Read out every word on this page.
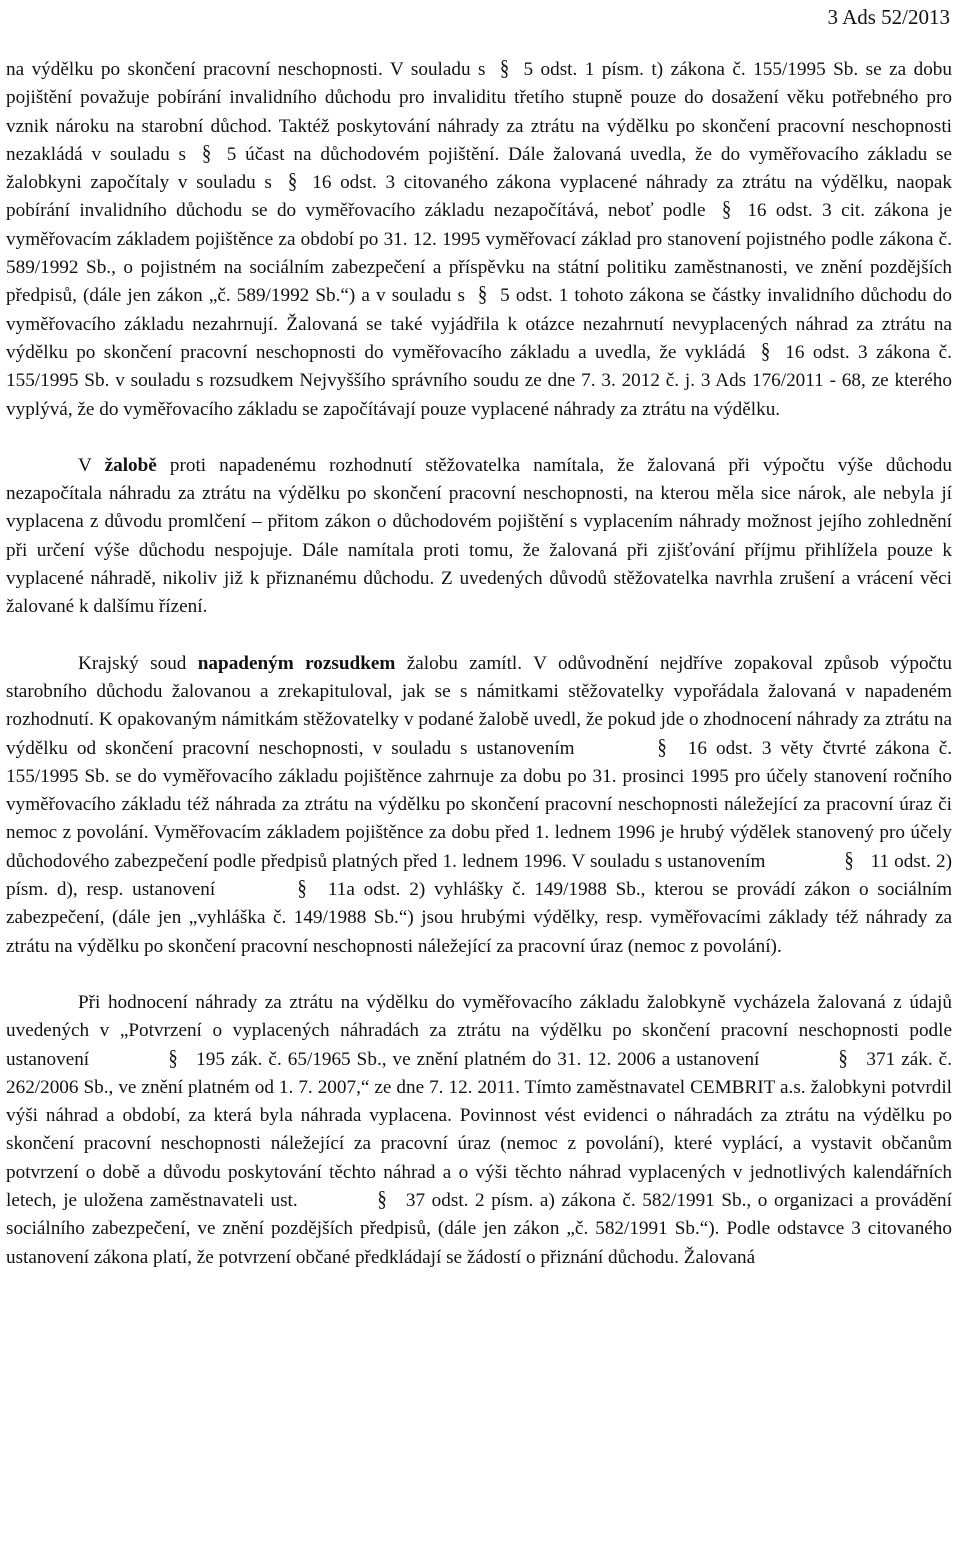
3 Ads 52/2013

na výdělku po skončení pracovní neschopnosti. V souladu s § 5 odst. 1 písm. t) zákona č. 155/1995 Sb. se za dobu pojištění považuje pobírání invalidního důchodu pro invaliditu třetího stupně pouze do dosažení věku potřebného pro vznik nároku na starobní důchod. Taktéž poskytování náhrady za ztrátu na výdělku po skončení pracovní neschopnosti nezakládá v souladu s § 5 účast na důchodovém pojištění. Dále žalovaná uvedla, že do vyměřovacího základu se žalobkyni započítaly v souladu s § 16 odst. 3 citovaného zákona vyplacené náhrady za ztrátu na výdělku, naopak pobírání invalidního důchodu se do vyměřovacího základu nezapočítává, neboť podle § 16 odst. 3 cit. zákona je vyměřovacím základem pojištěnce za období po 31. 12. 1995 vyměřovací základ pro stanovení pojistného podle zákona č. 589/1992 Sb., o pojistném na sociálním zabezpečení a příspěvku na státní politiku zaměstnanosti, ve znění pozdějších předpisů, (dále jen zákon „č. 589/1992 Sb.“) a v souladu s § 5 odst. 1 tohoto zákona se částky invalidního důchodu do vyměřovacího základu nezahrnují. Žalovaná se také vyjádřila k otázce nezahrnutí nevyplacených náhrad za ztrátu na výdělku po skončení pracovní neschopnosti do vyměřovacího základu a uvedla, že vykládá § 16 odst. 3 zákona č. 155/1995 Sb. v souladu s rozsudkem Nejvyššího správního soudu ze dne 7. 3. 2012 č. j. 3 Ads 176/2011 - 68, ze kterého vyplývá, že do vyměřovacího základu se započítávají pouze vyplacené náhrady za ztrátu na výdělku.

V žalobě proti napadenému rozhodnutí stěžovatelka namítala, že žalovaná při výpočtu výše důchodu nezapočítala náhradu za ztrátu na výdělku po skončení pracovní neschopnosti, na kterou měla sice nárok, ale nebyla jí vyplacena z důvodu promlčení – přitom zákon o důchodovém pojištění s vyplacením náhrady možnost jejího zohlednění při určení výše důchodu nespojuje. Dále namítala proti tomu, že žalovaná při zjišťování příjmu přihlížela pouze k vyplacené náhradě, nikoliv již k přiznanému důchodu. Z uvedených důvodů stěžovatelka navrhla zrušení a vrácení věci žalované k dalšímu řízení.

Krajský soud napadeným rozsudkem žalobu zamítl. V odůvodnění nejdříve zopakoval způsob výpočtu starobního důchodu žalovanou a zrekapituloval, jak se s námitkami stěžovatelky vypořádala žalovaná v napadeném rozhodnutí. K opakovaným námitkám stěžovatelky v podané žalobě uvedl, že pokud jde o zhodnocení náhrady za ztrátu na výdělku od skončení pracovní neschopnosti, v souladu s ustanovením	§ 16 odst. 3 věty čtvrté zákona č. 155/1995 Sb. se do vyměřovacího základu pojištěnce zahrnuje za dobu po 31. prosinci 1995 pro účely stanovení ročního vyměřovacího základu též náhrada za ztrátu na výdělku po skončení pracovní neschopnosti náležející za pracovní úraz či nemoc z povolání. Vyměřovacím základem pojištěnce za dobu před 1. lednem 1996 je hrubý výdělek stanovený pro účely důchodového zabezpečení podle předpisů platných před 1. lednem 1996. V souladu s ustanovením	§ 11 odst. 2) písm. d), resp. ustanovení	§ 11a odst. 2) vyhlášky č. 149/1988 Sb., kterou se provádí zákon o sociálním zabezpečení, (dále jen „vyhláška č. 149/1988 Sb.“) jsou hrubými výdělky, resp. vyměřovacími základy též náhrady za ztrátu na výdělku po skončení pracovní neschopnosti náležející za pracovní úraz (nemoc z povolání).

Při hodnocení náhrady za ztrátu na výdělku do vyměřovacího základu žalobkyně vycházela žalovaná z údajů uvedených v „Potvrzení o vyplacených náhradách za ztrátu na výdělku po skončení pracovní neschopnosti podle ustanovení	§ 195 zák. č. 65/1965 Sb., ve znění platném do 31. 12. 2006 a ustanovení	§ 371 zák. č. 262/2006 Sb., ve znění platném od 1. 7. 2007,“ ze dne 7. 12. 2011. Tímto zaměstnavatel CEMBRIT a.s. žalobkyni potvrdil výši náhrad a období, za která byla náhrada vyplacena. Povinnost vést evidenci o náhradách za ztrátu na výdělku po skončení pracovní neschopnosti náležející za pracovní úraz (nemoc z povolání), které vyplácí, a vystavit občanům potvrzení o době a důvodu poskytování těchto náhrad a o výši těchto náhrad vyplacených v jednotlivých kalendářních letech, je uložena zaměstnavateli ust.	§ 37 odst. 2 písm. a) zákona č. 582/1991 Sb., o organizaci a provádění sociálního zabezpečení, ve znění pozdějších předpisů, (dále jen zákon „č. 582/1991 Sb.“). Podle odstavce 3 citovaného ustanovení zákona platí, že potvrzení občané předkládají se žádostí o přiznání důchodu. Žalovaná
